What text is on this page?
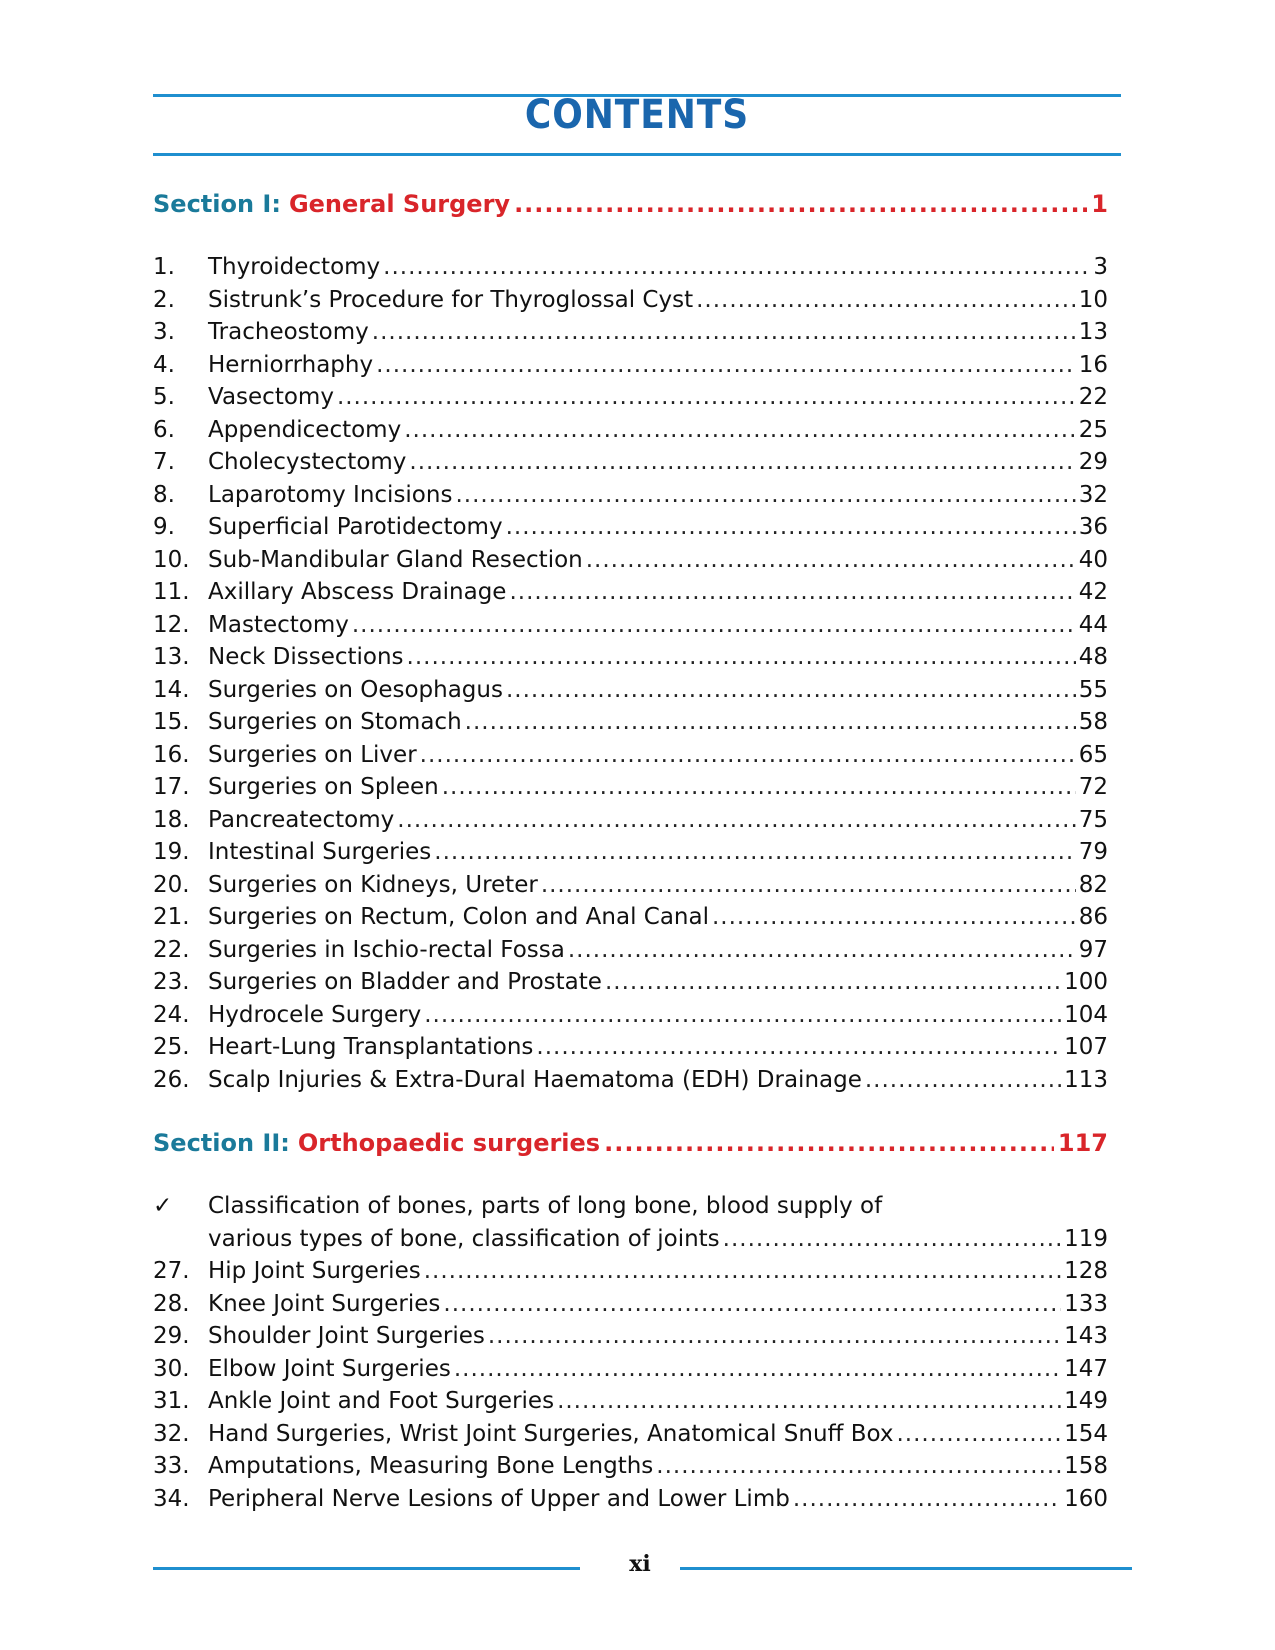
CONTENTS
Section I: General Surgery .....	1
1.	Thyroidectomy .....	3
2.	Sistrunk’s Procedure for Thyroglossal Cyst .....	10
3.	Tracheostomy .....	13
4.	Herniorrhaphy .....	16
5.	Vasectomy .....	22
6.	Appendicectomy .....	25
7.	Cholecystectomy .....	29
8.	Laparotomy Incisions .....	32
9.	Superficial Parotidectomy .....	36
10. Sub-Mandibular Gland Resection .....	40
11. Axillary Abscess Drainage .....	42
12. Mastectomy .....	44
13. Neck Dissections .....	48
14. Surgeries on Oesophagus .....	55
15. Surgeries on Stomach .....	58
16. Surgeries on Liver .....	65
17. Surgeries on Spleen .....	72
18. Pancreatectomy .....	75
19. Intestinal Surgeries .....	79
20. Surgeries on Kidneys, Ureter .....	82
21. Surgeries on Rectum, Colon and Anal Canal .....	86
22. Surgeries in Ischio-rectal Fossa .....	97
23. Surgeries on Bladder and Prostate .....	100
24. Hydrocele Surgery .....	104
25. Heart-Lung Transplantations .....	107
26. Scalp Injuries & Extra-Dural Haematoma (EDH) Drainage .....	113
Section II: Orthopaedic surgeries .....	117
✓	Classification of bones, parts of long bone, blood supply of
various types of bone, classification of joints .....	119
27. Hip Joint Surgeries .....	128
28. Knee Joint Surgeries .....	133
29. Shoulder Joint Surgeries .....	143
30. Elbow Joint Surgeries .....	147
31. Ankle Joint and Foot Surgeries .....	149
32. Hand Surgeries, Wrist Joint Surgeries, Anatomical Snuff Box .....	154
33. Amputations, Measuring Bone Lengths .....	158
34. Peripheral Nerve Lesions of Upper and Lower Limb .....	160
xi
